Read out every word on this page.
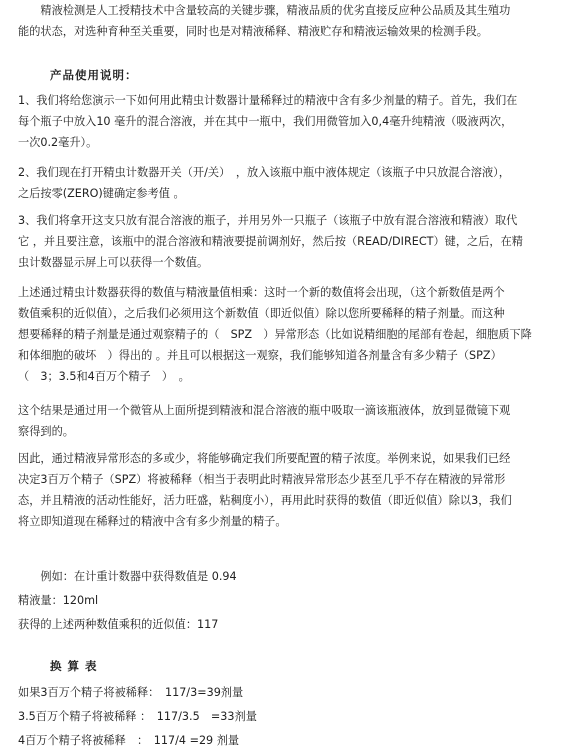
　　精液检测是人工授精技术中含量较高的关键步骤，精液品质的优劣直接反应种公品质及其生殖功
能的状态，对选种育种至关重要，同时也是对精液稀释、精液贮存和精液运输效果的检测手段。
产品使用说明：
1、我们将给您演示一下如何用此精虫计数器计量稀释过的精液中含有多少剂量的精子。首先，我们在
每个瓶子中放入10 毫升的混合溶液，并在其中一瓶中，我们用微管加入0,4毫升纯精液（吸液两次，
一次0.2毫升）。
2、我们现在打开精虫计数器开关（开/关）　，放入该瓶中瓶中液体规定（该瓶子中只放混合溶液），
之后按零(ZERO)键确定参考值 。
3、我们将拿开这支只放有混合溶液的瓶子，并用另外一只瓶子（该瓶子中放有混合溶液和精液）取代
它 ，并且要注意，该瓶中的混合溶液和精液要提前调剂好，然后按（READ/DIRECT）键，之后，在精
虫计数器显示屏上可以获得一个数值。
上述通过精虫计数器获得的数值与精液量值相乘：这时一个新的数值将会出现，（这个新数值是两个
数值乘积的近似值），之后我们必须用这个新数值（即近似值）除以您所要稀释的精子剂量。而这种
想要稀释的精子剂量是通过观察精子的（　SPZ　）异常形态（比如说精细胞的尾部有卷起，细胞质下降
和体细胞的破坏　）得出的 。并且可以根据这一观察，我们能够知道各剂量含有多少精子（SPZ）
（　3；3.5和4百万个精子　）　。
这个结果是通过用一个微管从上面所提到精液和混合溶液的瓶中吸取一滴该瓶液体，放到显微镜下观
察得到的。
因此，通过精液异常形态的多或少，将能够确定我们所要配置的精子浓度。举例来说，如果我们已经
决定3百万个精子（SPZ）将被稀释（相当于表明此时精液异常形态少甚至几乎不存在精液的异常形
态，并且精液的活动性能好，活力旺盛，粘稠度小），再用此时获得的数值（即近似值）除以3，我们
将立即知道现在稀释过的精液中含有多少剂量的精子。
　　例如：在计重计数器中获得数值是 0.94
精液量：120ml
获得的上述两种数值乘积的近似值：117
换 算 表
如果3百万个精子将被稀释：　117/3=39剂量
3.5百万个精子将被稀释 ：　117/3.5　=33剂量
4百万个精子将被稀释　：　117/4 =29 剂量
